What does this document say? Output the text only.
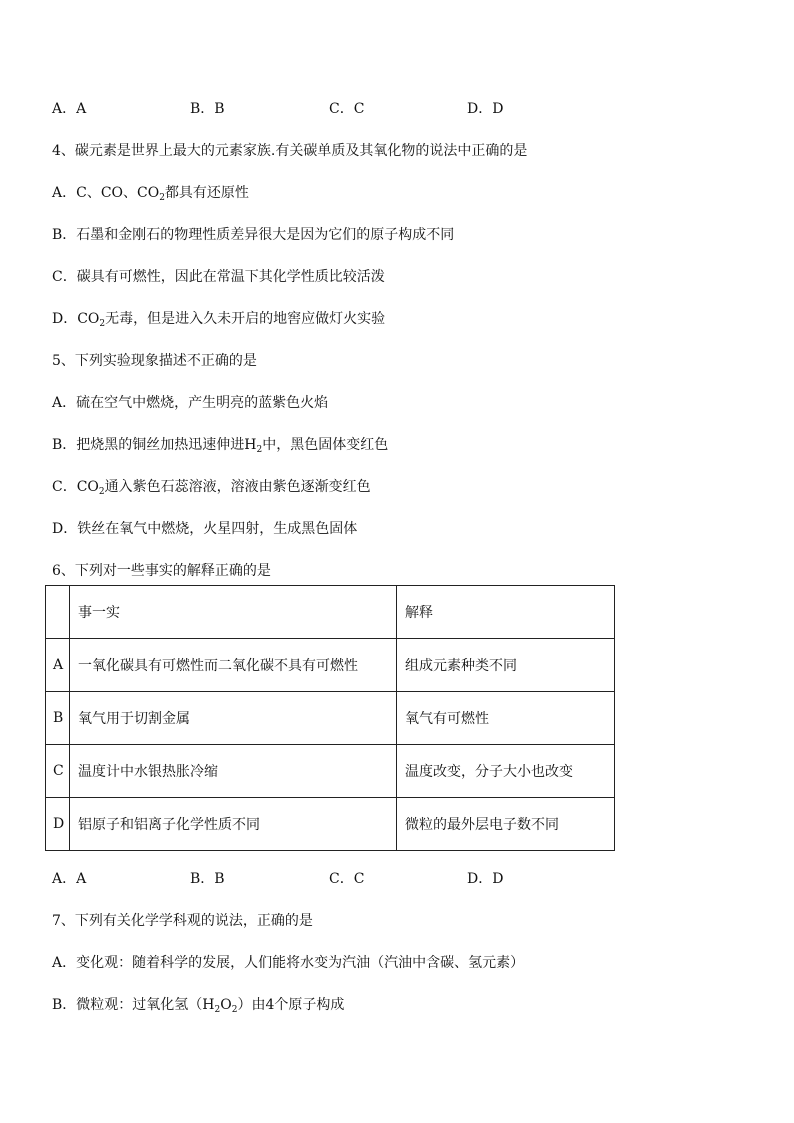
A．A	B．B	C．C	D．D
4、碳元素是世界上最大的元素家族.有关碳单质及其氧化物的说法中正确的是
A．C、CO、$CO_2$都具有还原性
B．石墨和金刚石的物理性质差异很大是因为它们的原子构成不同
C．碳具有可燃性，因此在常温下其化学性质比较活泼
D．$CO_2$无毒，但是进入久未开启的地窖应做灯火实验
5、下列实验现象描述不正确的是
A．硫在空气中燃烧，产生明亮的蓝紫色火焰
B．把烧黑的铜丝加热迅速伸进$H_2$中，黑色固体变红色
C．$CO_2$通入紫色石蕊溶液，溶液由紫色逐渐变红色
D．铁丝在氧气中燃烧，火星四射，生成黑色固体
6、下列对一些事实的解释正确的是
	事一实	解释
A	一氧化碳具有可燃性而二氧化碳不具有可燃性	组成元素种类不同
B	氧气用于切割金属	氧气有可燃性
C	温度计中水银热胀冷缩	温度改变，分子大小也改变
D	铝原子和铝离子化学性质不同	微粒的最外层电子数不同
A．A	B．B	C．C	D．D
7、下列有关化学学科观的说法，正确的是
A．变化观：随着科学的发展，人们能将水变为汽油（汽油中含碳、氢元素）
B．微粒观：过氧化氢$(H_2O_2)$由4个原子构成
